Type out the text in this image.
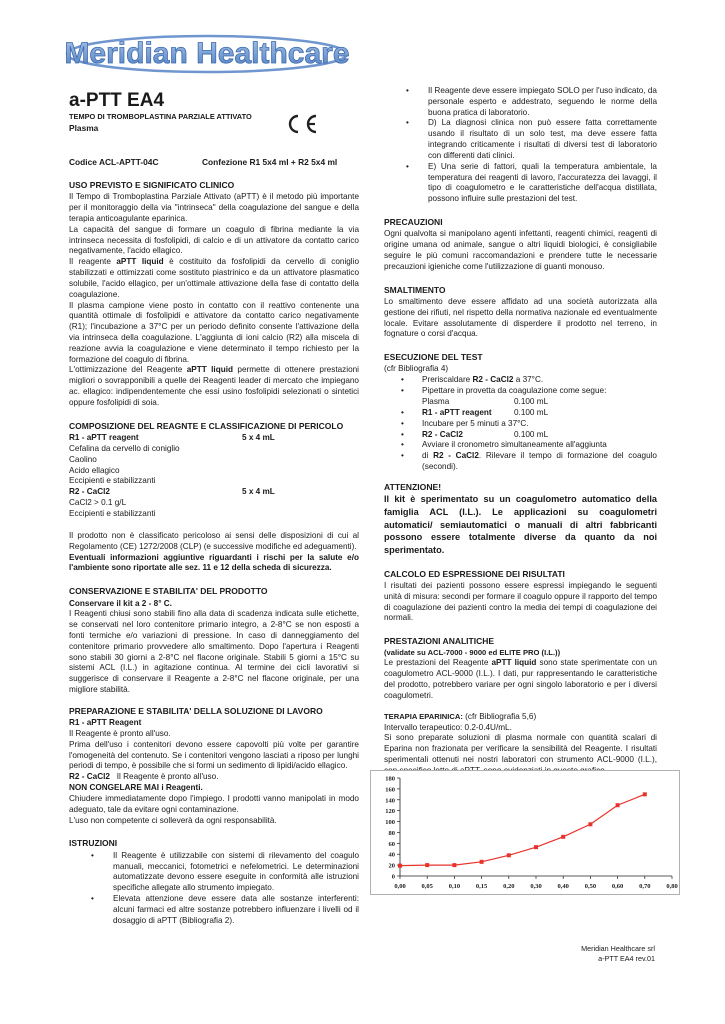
Meridian Healthcare
a-PTT EA4
TEMPO DI TROMBOPLASTINA PARZIALE ATTIVATO
Plasma
Codice ACL-APTT-04C	Confezione R1 5x4 ml + R2 5x4 ml
USO PREVISTO E SIGNIFICATO CLINICO

Il Tempo di Tromboplastina Parziale Attivato (aPTT) è il metodo più importante per il monitoraggio della via "intrinseca" della coagulazione del sangue e della terapia anticoagulante eparinica.

La capacità del sangue di formare un coagulo di fibrina mediante la via intrinseca necessita di fosfolipidi, di calcio e di un attivatore da contatto carico negativamente, l'acido ellagico.

Il reagente aPTT liquid è costituito da fosfolipidi da cervello di coniglio stabilizzati e ottimizzati come sostituto piastrinico e da un attivatore plasmatico solubile, l'acido ellagico, per un'ottimale attivazione della fase di contatto della coagulazione.

Il plasma campione viene posto in contatto con il reattivo contenente una quantità ottimale di fosfolipidi e attivatore da contatto carico negativamente (R1); l'incubazione a 37°C per un periodo definito consente l'attivazione della via intrinseca della coagulazione. L'aggiunta di ioni calcio (R2) alla miscela di reazione avvia la coagulazione e viene determinato il tempo richiesto per la formazione del coagulo di fibrina.

L'ottimizzazione del Reagente aPTT liquid permette di ottenere prestazioni migliori o sovrapponibili a quelle dei Reagenti leader di mercato che impiegano ac. ellagico: indipendentemente che essi usino fosfolipidi selezionati o sintetici oppure fosfolipidi di soia.

COMPOSIZIONE DEL REAGNTE E CLASSIFICAZIONE DI PERICOLO
R1 - aPTT reagent	5 x 4 mL
Cefalina da cervello di coniglio
Caolino
Acido ellagico
Eccipienti e stabilizzanti
R2 - CaCl2	5 x 4 mL
CaCl2 > 0.1 g/L
Eccipienti e stabilizzanti

Il prodotto non è classificato pericoloso ai sensi delle disposizioni di cui al Regolamento (CE) 1272/2008 (CLP) (e successive modifiche ed adeguamenti).

Eventuali informazioni aggiuntive riguardanti i rischi per la salute e/o l'ambiente sono riportate alle sez. 11 e 12 della scheda di sicurezza.

CONSERVAZIONE E STABILITA' DEL PRODOTTO
Conservare il kit a 2 - 8° C.

I Reagenti chiusi sono stabili fino alla data di scadenza indicata sulle etichette, se conservati nel loro contenitore primario integro, a 2-8°C se non esposti a fonti termiche e/o variazioni di pressione. In caso di danneggiamento del contenitore primario provvedere allo smaltimento. Dopo l'apertura i Reagenti sono stabili 30 giorni a 2-8°C nel flacone originale. Stabili 5 giorni a 15°C su sistemi ACL (I.L.) in agitazione continua. Al termine dei cicli lavorativi si suggerisce di conservare il Reagente a 2-8°C nel flacone originale, per una migliore stabilità.

PREPARAZIONE E STABILITA' DELLA SOLUZIONE DI LAVORO
R1 - aPTT Reagent
Il Reagente è pronto all'uso.

Prima dell'uso i contenitori devono essere capovolti più volte per garantire l'omogeneità del contenuto. Se i contenitori vengono lasciati a riposo per lunghi periodi di tempo, è possibile che si formi un sedimento di lipidi/acido ellagico.

R2 - CaCl2   Il Reagente è pronto all'uso.
NON CONGELARE MAI i Reagenti.

Chiudere immediatamente dopo l'impiego. I prodotti vanno manipolati in modo adeguato, tale da evitare ogni contaminazione.

L'uso non competente ci solleverà da ogni responsabilità.

ISTRUZIONI
• Il Reagente è utilizzabile con sistemi di rilevamento del coagulo manuali, meccanici, fotometrici e nefelometrici. Le determinazioni automatizzate devono essere eseguite in conformità alle istruzioni specifiche allegate allo strumento impiegato.
• Elevata attenzione deve essere data alle sostanze interferenti: alcuni farmaci ed altre sostanze potrebbero influenzare i livelli od il dosaggio di aPTT (Bibliografia 2).
• Il Reagente deve essere impiegato SOLO per l'uso indicato, da personale esperto e addestrato, seguendo le norme della buona pratica di laboratorio.
• D) La diagnosi clinica non può essere fatta correttamente usando il risultato di un solo test, ma deve essere fatta integrando criticamente i risultati di diversi test di laboratorio con differenti dati clinici.
• E) Una serie di fattori, quali la temperatura ambientale, la temperatura dei reagenti di lavoro, l'accuratezza dei lavaggi, il tipo di coagulometro e le caratteristiche dell'acqua distillata, possono influire sulle prestazioni del test.
PRECAUZIONI

Ogni qualvolta si manipolano agenti infettanti, reagenti chimici, reagenti di origine umana od animale, sangue o altri liquidi biologici, è consigliabile seguire le più comuni raccomandazioni e prendere tutte le necessarie precauzioni igieniche come l'utilizzazione di guanti monouso.

SMALTIMENTO

Lo smaltimento deve essere affidato ad una società autorizzata alla gestione dei rifiuti, nel rispetto della normativa nazionale ed eventualmente locale. Evitare assolutamente di disperdere il prodotto nel terreno, in fognature o corsi d'acqua.

ESECUZIONE DEL TEST
(cfr Bibliografia 4)
• Preriscaldare R2 - CaCl2 a 37°C.
• Pipettare in provetta da coagulazione come segue:
Plasma	0.100 mL
• R1 - aPTT reagent	0.100 mL
• Incubare per 5 minuti a 37°C.
• R2 - CaCl2	0.100 mL
• Avviare il cronometro simultaneamente all'aggiunta
• di R2 - CaCl2. Rilevare il tempo di formazione del coagulo (secondi).
ATTENZIONE!

Il kit è sperimentato su un coagulometro automatico della famiglia ACL (I.L.). Le applicazioni su coagulometri automatici/ semiautomatici o manuali di altri fabbricanti possono essere totalmente diverse da quanto da noi sperimentato.

CALCOLO ED ESPRESSIONE DEI RISULTATI

I risultati dei pazienti possono essere espressi impiegando le seguenti unità di misura: secondi per formare il coagulo oppure il rapporto del tempo di coagulazione dei pazienti contro la media dei tempi di coagulazione dei normali.

PRESTAZIONI ANALITICHE
(validate su ACL-7000 - 9000 ed ELITE PRO (I.L.))

Le prestazioni del Reagente aPTT liquid sono state sperimentate con un coagulometro ACL-9000 (I.L.). I dati, pur rappresentando le caratteristiche del prodotto, potrebbero variare per ogni singolo laboratorio e per i diversi coagulometri.

TERAPIA EPARINICA: (cfr Bibliografia 5,6)
Intervallo terapeutico: 0.2-0.4U/mL.

Si sono preparate soluzioni di plasma normale con quantità scalari di Eparina non frazionata per verificare la sensibilità del Reagente. I risultati sperimentali ottenuti nei nostri laboratori con strumento ACL-9000 (I.L.),

0
20
40
60
80
100
120
140
160
180
0,00 0,05 0,10 0,15 0,20 0,30 0,40 0,50 0,60 0,70 0,80
Meridian Healthcare srl
a-PTT EA4 rev.01
